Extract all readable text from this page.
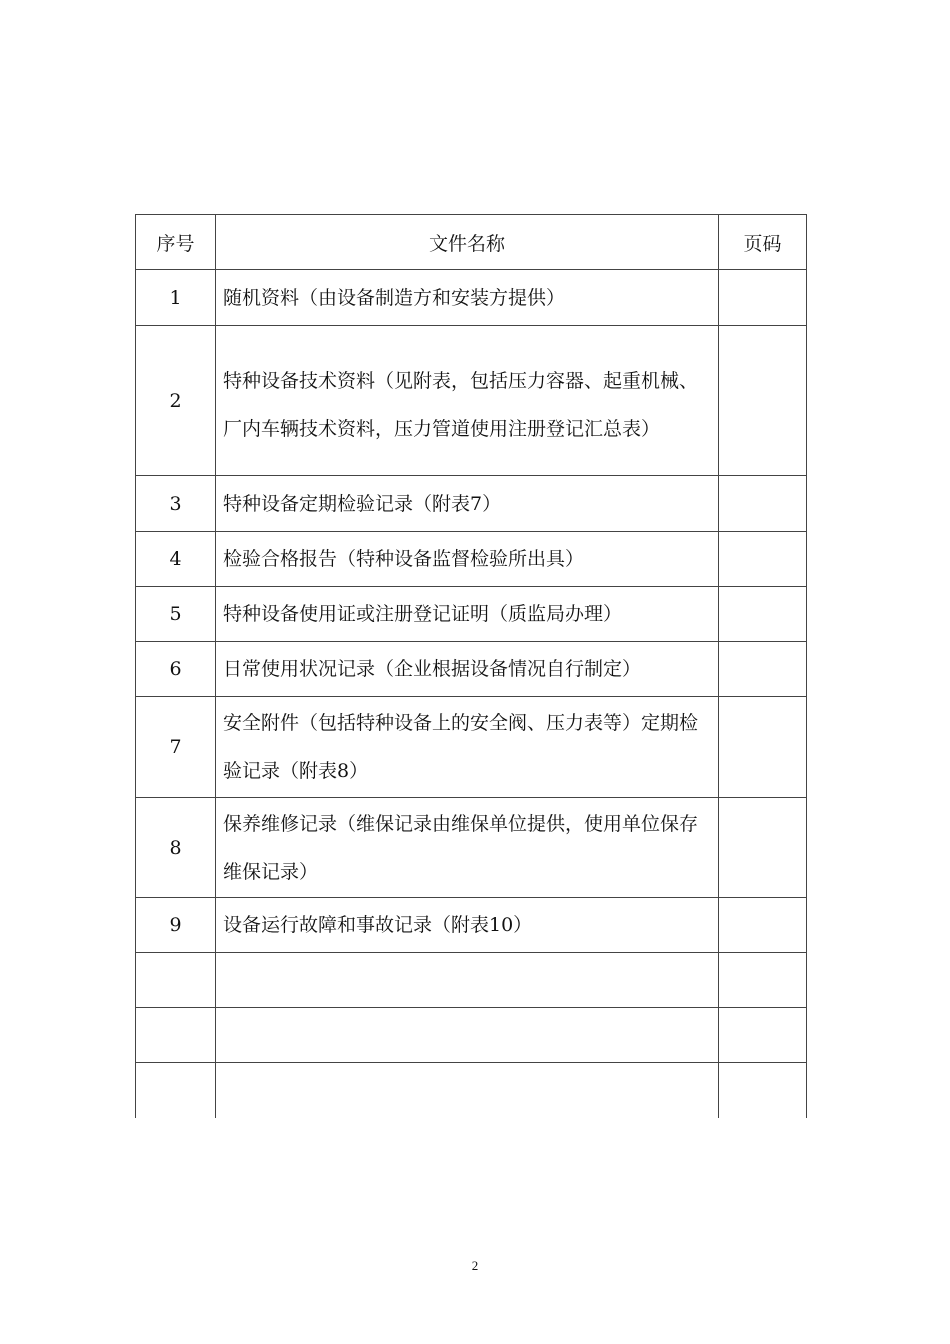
序号	文件名称	页码
1	随机资料（由设备制造方和安装方提供）	
2	特种设备技术资料（见附表，包括压力容器、起重机械、厂内车辆技术资料，压力管道使用注册登记汇总表）	
3	特种设备定期检验记录（附表7）	
4	检验合格报告（特种设备监督检验所出具）	
5	特种设备使用证或注册登记证明（质监局办理）	
6	日常使用状况记录（企业根据设备情况自行制定）	
7	安全附件（包括特种设备上的安全阀、压力表等）定期检验记录（附表8）	
8	保养维修记录（维保记录由维保单位提供，使用单位保存维保记录）	
9	设备运行故障和事故记录（附表10）	

2
